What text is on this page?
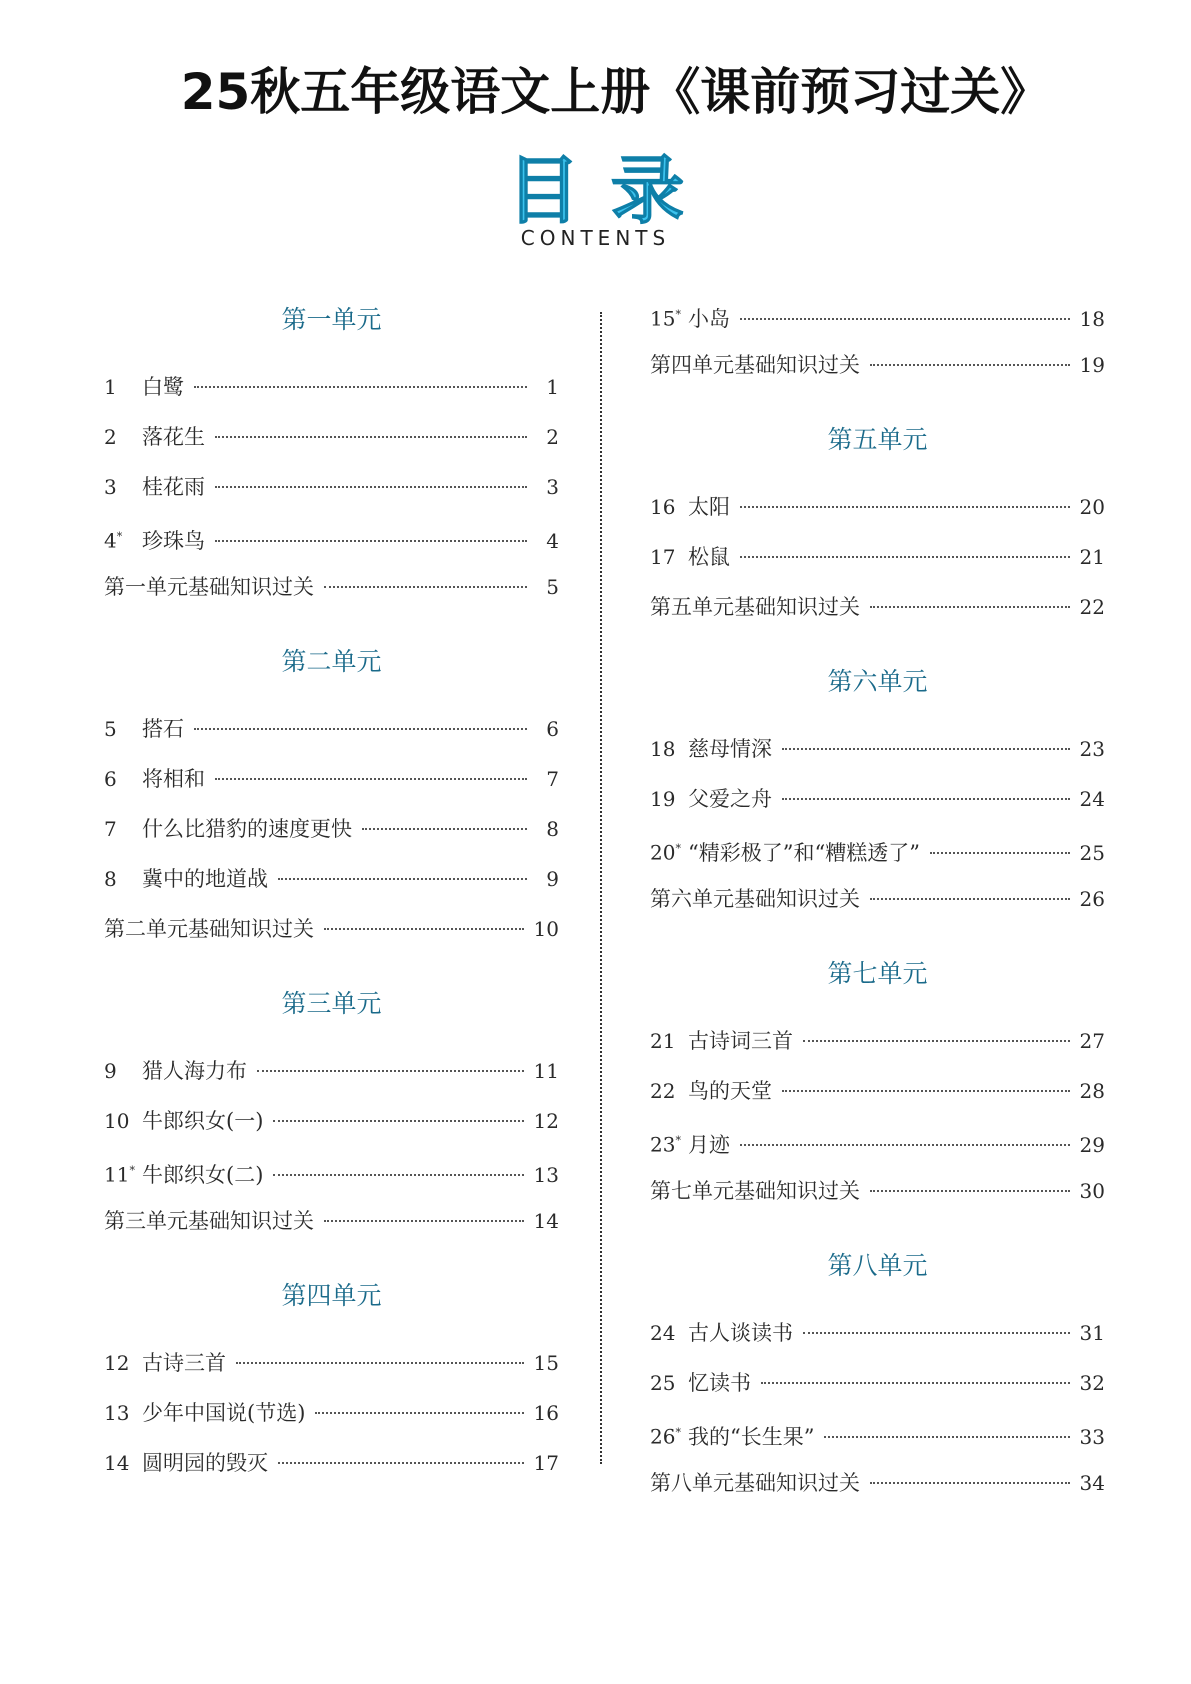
25秋五年级语文上册《课前预习过关》
目录
CONTENTS
第一单元
1	白鹭	1
2	落花生	2
3	桂花雨	3
4* 珍珠鸟	4
第一单元基础知识过关	5
第二单元
5	搭石	6
6	将相和	7
7	什么比猎豹的速度更快	8
8	冀中的地道战	9
第二单元基础知识过关	10
第三单元
9	猎人海力布	11
10 牛郎织女(一)	12
11* 牛郎织女(二)	13
第三单元基础知识过关	14
第四单元
12 古诗三首	15
13 少年中国说(节选)	16
14 圆明园的毁灭	17
15* 小岛	18
第四单元基础知识过关	19
第五单元
16 太阳	20
17 松鼠	21
第五单元基础知识过关	22
第六单元
18 慈母情深	23
19 父爱之舟	24
20* “精彩极了”和“糟糕透了”	25
第六单元基础知识过关	26
第七单元
21 古诗词三首	27
22 鸟的天堂	28
23* 月迹	29
第七单元基础知识过关	30
第八单元
24 古人谈读书	31
25 忆读书	32
26* 我的“长生果”	33
第八单元基础知识过关	34
